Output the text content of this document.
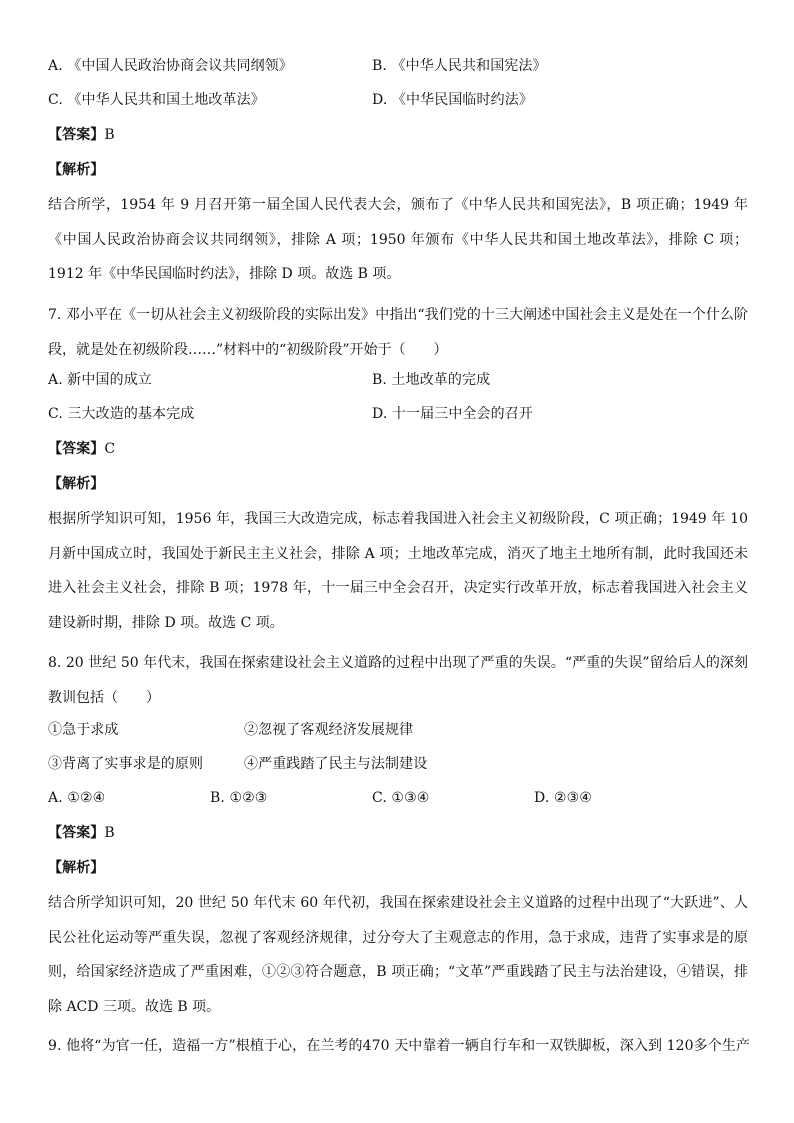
A. 《中国人民政治协商会议共同纲领》	B. 《中华人民共和国宪法》
C. 《中华人民共和国土地改革法》	D. 《中华民国临时约法》
【答案】B
【解析】
结合所学，1954 年 9 月召开第一届全国人民代表大会，颁布了《中华人民共和国宪法》，B 项正确；1949 年《中国人民政治协商会议共同纲领》，排除 A 项；1950 年颁布《中华人民共和国土地改革法》，排除 C 项；1912 年《中华民国临时约法》，排除 D 项。故选 B 项。
7. 邓小平在《一切从社会主义初级阶段的实际出发》中指出“我们党的十三大阐述中国社会主义是处在一个什么阶段，就是处在初级阶段……”材料中的“初级阶段”开始于（　　）
A. 新中国的成立	B. 土地改革的完成
C. 三大改造的基本完成	D. 十一届三中全会的召开
【答案】C
【解析】
根据所学知识可知，1956 年，我国三大改造完成，标志着我国进入社会主义初级阶段，C 项正确；1949 年 10 月新中国成立时，我国处于新民主主义社会，排除 A 项；土地改革完成，消灭了地主土地所有制，此时我国还未进入社会主义社会，排除 B 项；1978 年，十一届三中全会召开，决定实行改革开放，标志着我国进入社会主义建设新时期，排除 D 项。故选 C 项。
8. 20 世纪 50 年代末，我国在探索建设社会主义道路的过程中出现了严重的失误。“严重的失误”留给后人的深刻教训包括（　　）
①急于求成	②忽视了客观经济发展规律
③背离了实事求是的原则	④严重践踏了民主与法制建设
A. ①②④	B. ①②③	C. ①③④	D. ②③④
【答案】B
【解析】
结合所学知识可知，20 世纪 50 年代末 60 年代初，我国在探索建设社会主义道路的过程中出现了“大跃进”、人民公社化运动等严重失误，忽视了客观经济规律，过分夸大了主观意志的作用，急于求成，违背了实事求是的原则，给国家经济造成了严重困难，①②③符合题意，B 项正确；“文革”严重践踏了民主与法治建设，④错误，排除 ACD 三项。故选 B 项。
9. 他将“为官一任，造福一方”根植于心，在兰考的470 天中靠着一辆自行车和一双铁脚板，深入到 120多个生产
